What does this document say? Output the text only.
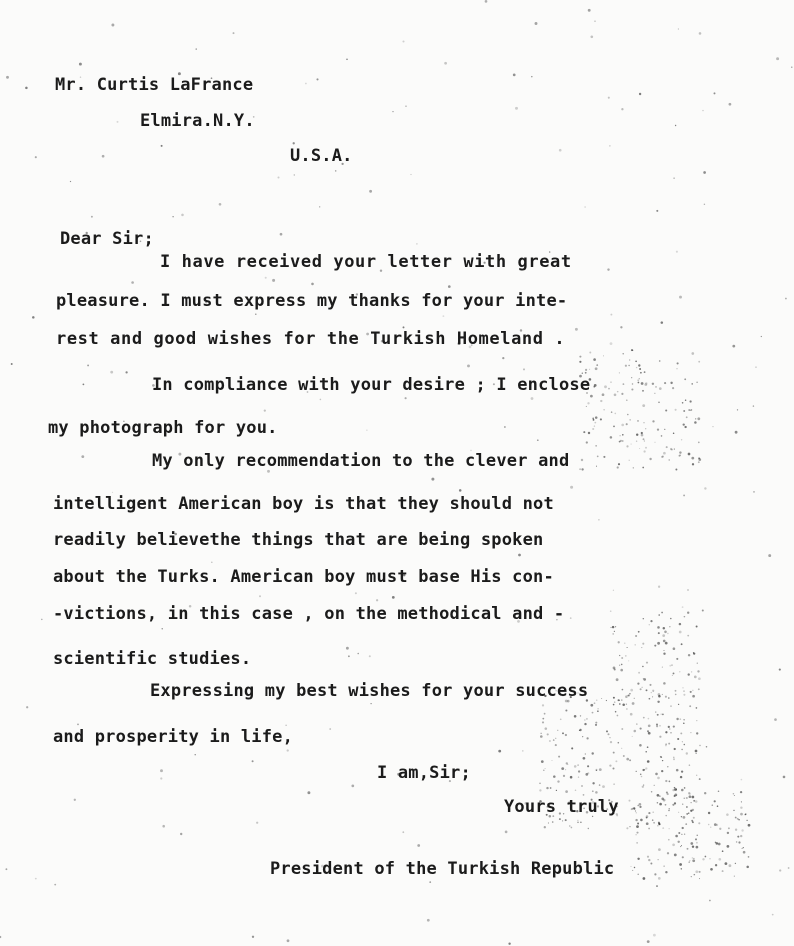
Mr. Curtis LaFrance
Elmira.N.Y.
U.S.A.
Dear Sir;
I have received your letter with great
pleasure. I must express my thanks for your inte-
rest and good wishes for the Turkish Homeland .
In compliance with your desire ; I enclose
my photograph for you.
My only recommendation to the clever and
intelligent American boy is that they should not
readily believethe things that are being spoken
about the Turks. American boy must base His con-
-victions, in this case , on the methodical and -
scientific studies.
Expressing my best wishes for your success
and prosperity in life,
I am,Sir;
Yours truly
President of the Turkish Republic
